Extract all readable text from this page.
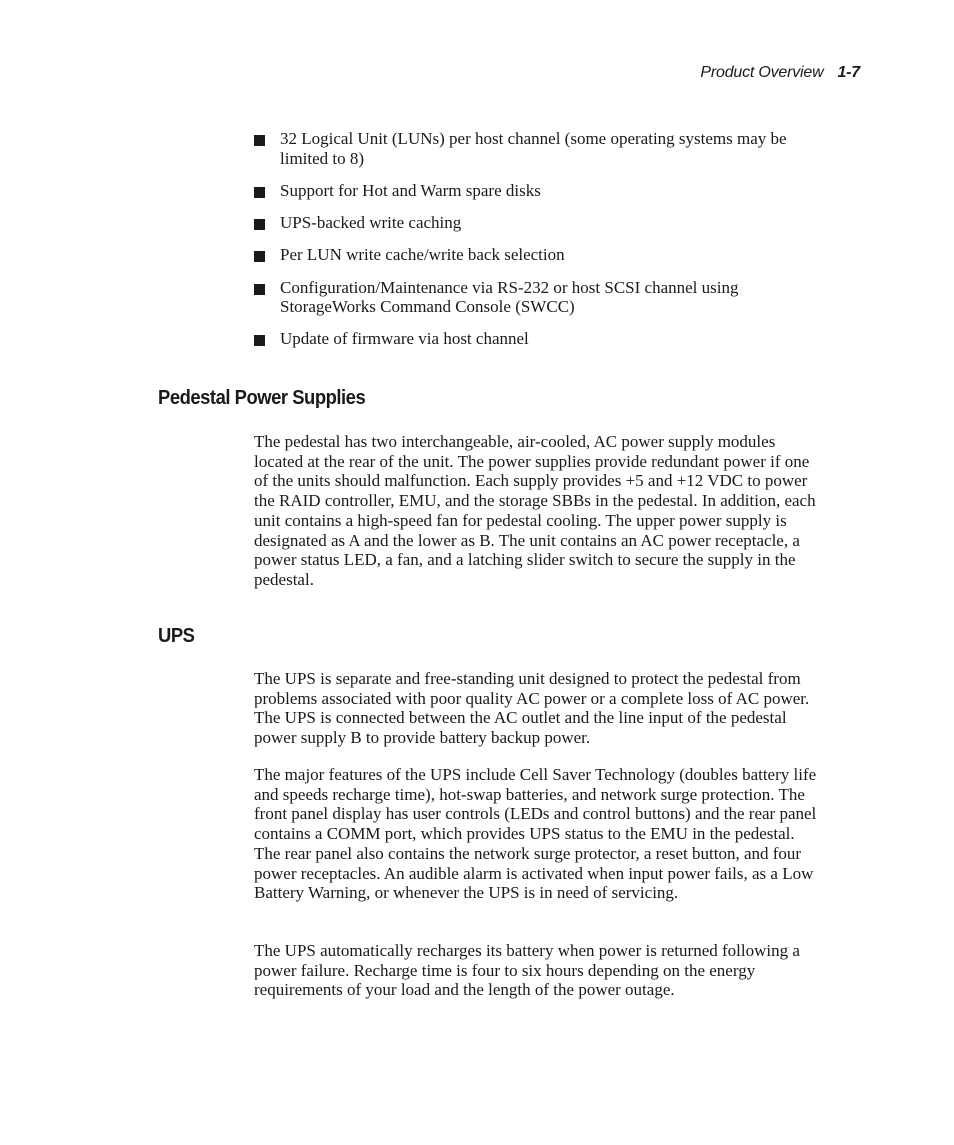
Product Overview 1-7
32 Logical Unit (LUNs) per host channel (some operating systems may be limited to 8)
Support for Hot and Warm spare disks
UPS-backed write caching
Per LUN write cache/write back selection
Configuration/Maintenance via RS-232 or host SCSI channel using StorageWorks Command Console (SWCC)
Update of firmware via host channel
Pedestal Power Supplies

The pedestal has two interchangeable, air-cooled, AC power supply modules located at the rear of the unit. The power supplies provide redundant power if one of the units should malfunction. Each supply provides +5 and +12 VDC to power the RAID controller, EMU, and the storage SBBs in the pedestal. In addition, each unit contains a high-speed fan for pedestal cooling. The upper power supply is designated as A and the lower as B. The unit contains an AC power receptacle, a power status LED, a fan, and a latching slider switch to secure the supply in the pedestal.

UPS

The UPS is separate and free-standing unit designed to protect the pedestal from problems associated with poor quality AC power or a complete loss of AC power. The UPS is connected between the AC outlet and the line input of the pedestal power supply B to provide battery backup power.

The major features of the UPS include Cell Saver Technology (doubles battery life and speeds recharge time), hot-swap batteries, and network surge protection. The front panel display has user controls (LEDs and control buttons) and the rear panel contains a COMM port, which provides UPS status to the EMU in the pedestal. The rear panel also contains the network surge protector, a reset button, and four power receptacles. An audible alarm is activated when input power fails, as a Low Battery Warning, or whenever the UPS is in need of servicing.

The UPS automatically recharges its battery when power is returned following a power failure. Recharge time is four to six hours depending on the energy requirements of your load and the length of the power outage.
